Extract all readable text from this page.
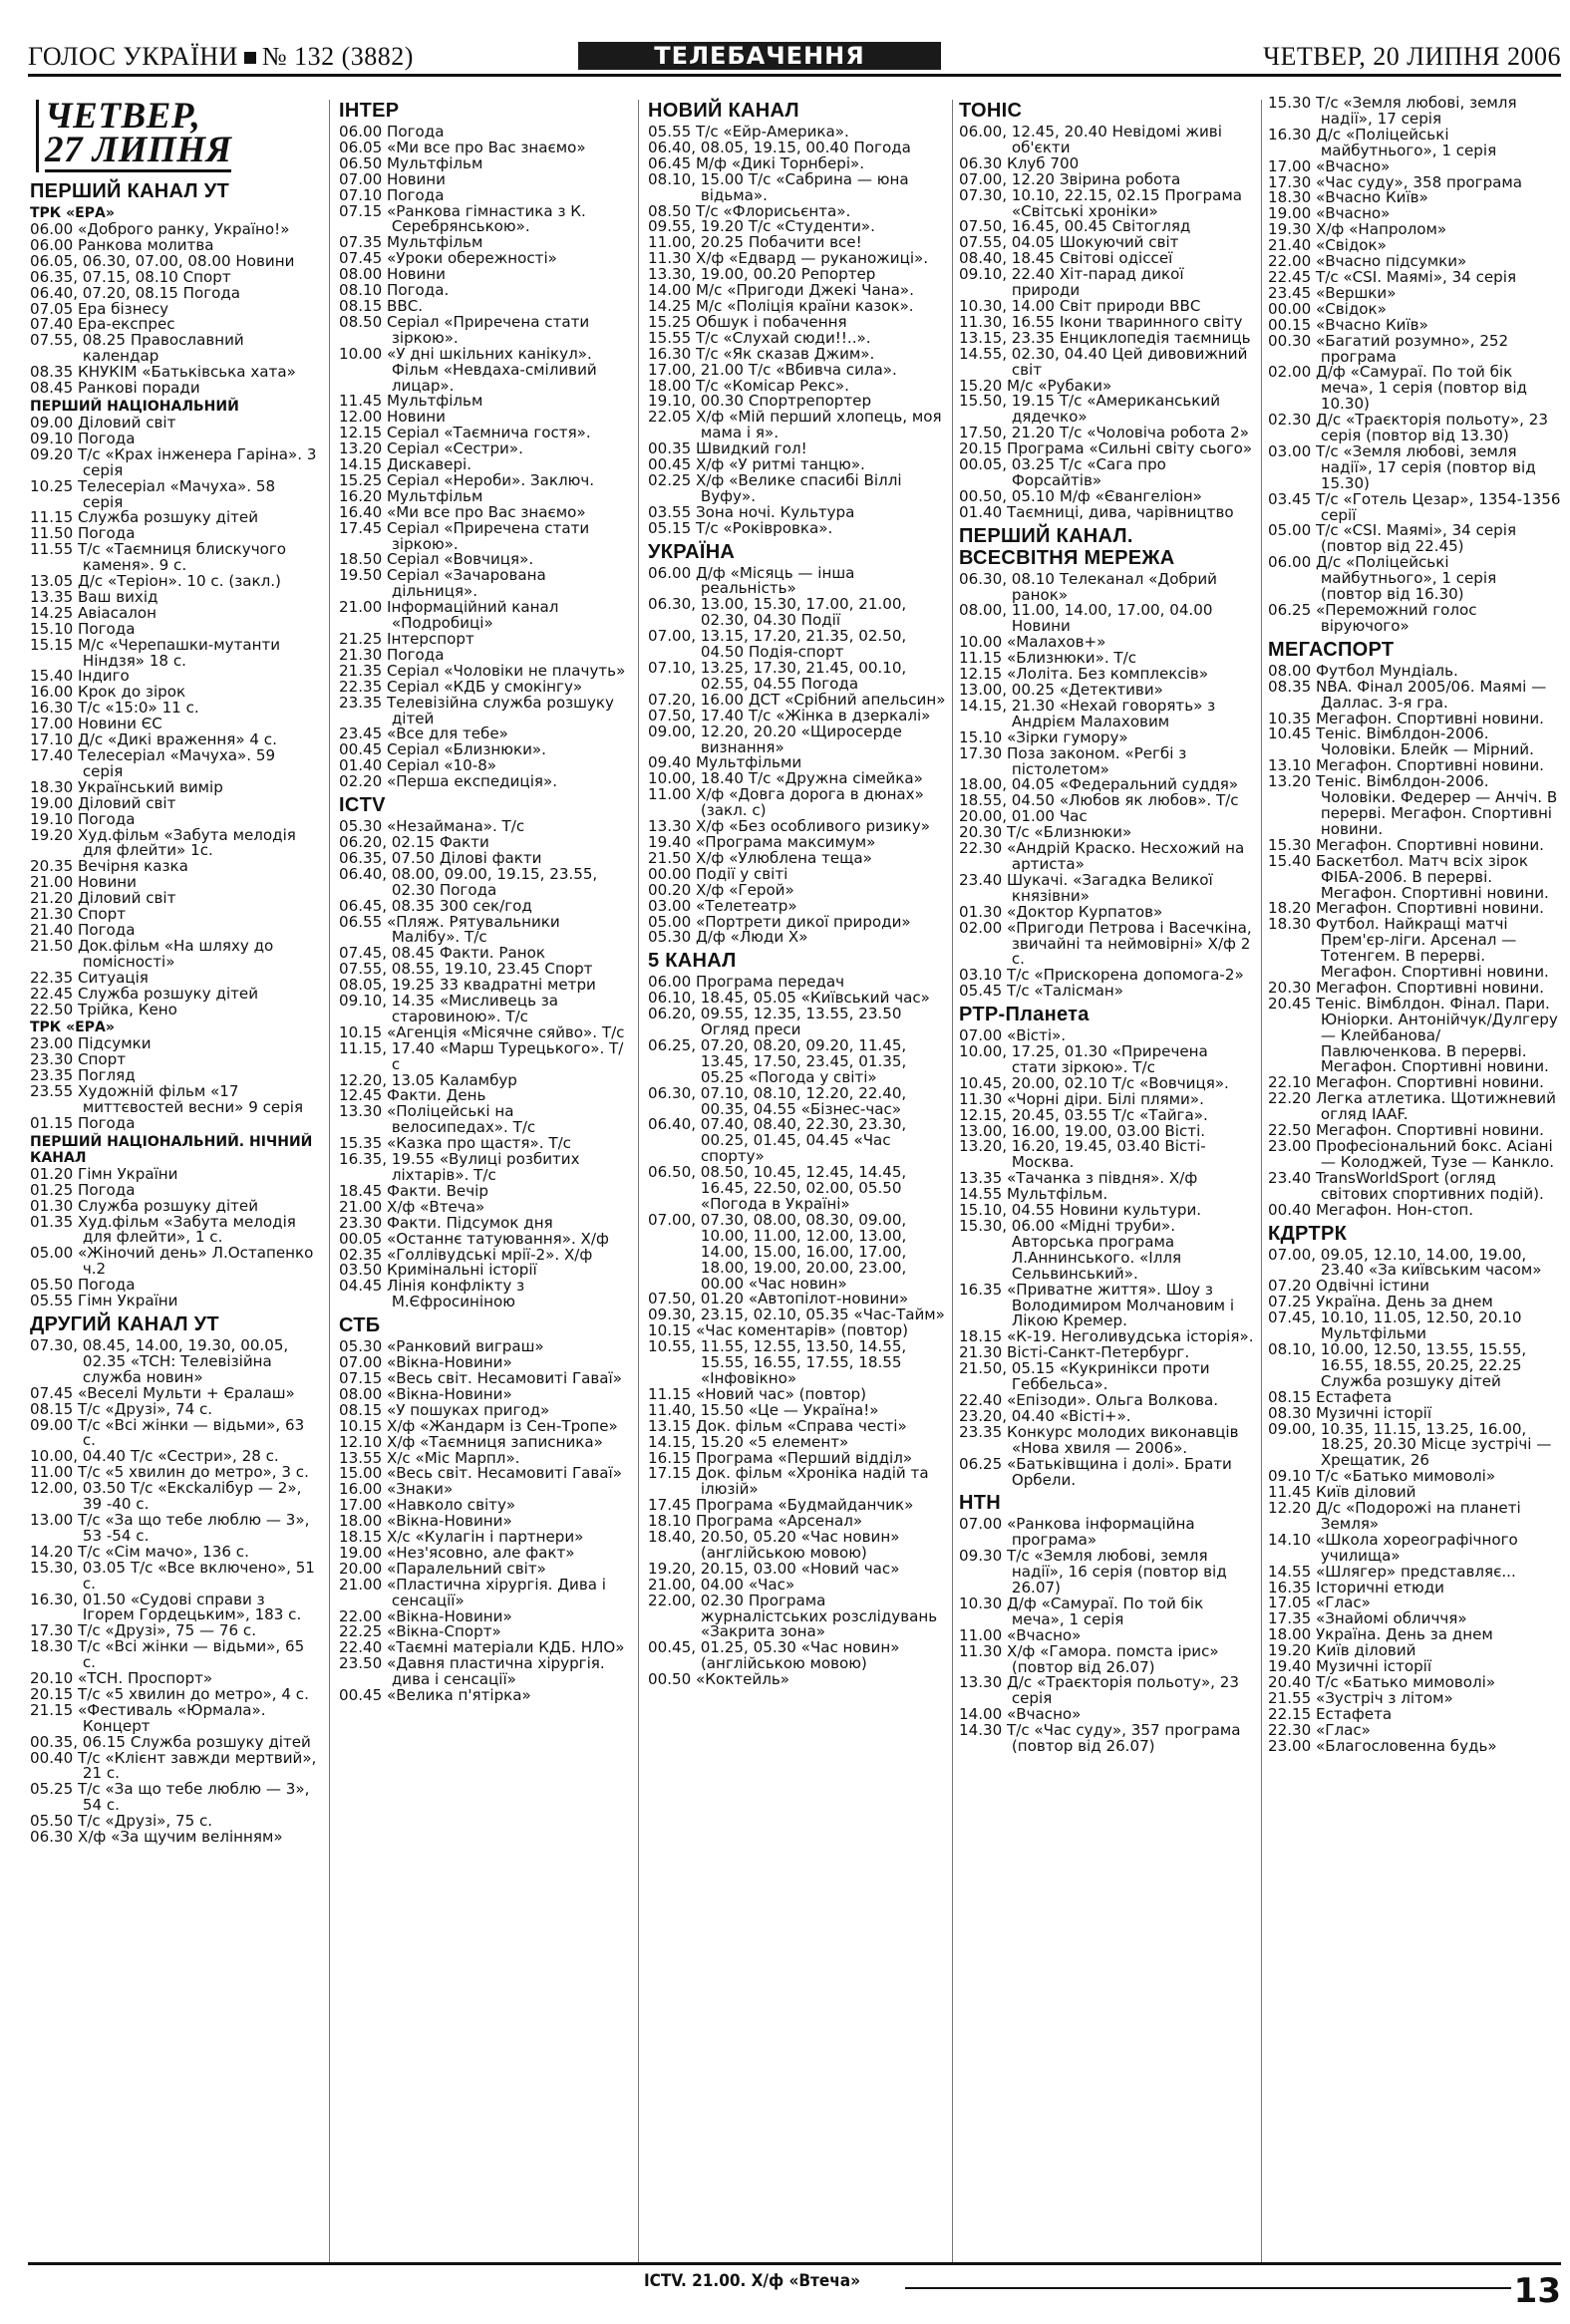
ГОЛОС УКРАЇНИ № 132 (3882)	ТЕЛЕБАЧЕННЯ	ЧЕТВЕР, 20 ЛИПНЯ 2006
ЧЕТВЕР,
27 ЛИПНЯ
ПЕРШИЙ КАНАЛ УТ
ТРК «ЕРА»
06.00 «Доброго ранку, Україно!»
06.00 Ранкова молитва
06.05, 06.30, 07.00, 08.00 Новини
06.35, 07.15, 08.10 Спорт
06.40, 07.20, 08.15 Погода
07.05 Ера бізнесу
07.40 Ера-експрес
07.55, 08.25 Православний календар
08.35 КНУКІМ «Батьківська хата»
08.45 Ранкові поради
ПЕРШИЙ НАЦІОНАЛЬНИЙ
09.00 Діловий світ
09.10 Погода
09.20 Т/с «Крах інженера Гаріна». 3 серія
10.25 Телесеріал «Мачуха». 58 серія
11.15 Служба розшуку дітей
11.50 Погода
11.55 Т/с «Таємниця блискучого каменя». 9 с.
13.05 Д/с «Теріон». 10 с. (закл.)
13.35 Ваш вихід
14.25 Авіасалон
15.10 Погода
15.15 М/с «Черепашки-мутанти Ніндзя» 18 с.
15.40 Індиго
16.00 Крок до зірок
16.30 Т/с «15:0» 11 с.
17.00 Новини ЄС
17.10 Д/с «Дикі враження» 4 с.
17.40 Телесеріал «Мачуха». 59 серія
18.30 Український вимір
19.00 Діловий світ
19.10 Погода
19.20 Худ.фільм «Забута мелодія для флейти» 1с.
20.35 Вечірня казка
21.00 Новини
21.20 Діловий світ
21.30 Спорт
21.40 Погода
21.50 Док.фільм «На шляху до помісності»
22.35 Ситуація
22.45 Служба розшуку дітей
22.50 Трійка, Кено
ТРК «ЕРА»
23.00 Підсумки
23.30 Спорт
23.35 Погляд
23.55 Художній фільм «17 миттєвостей весни» 9 серія
01.15 Погода
ПЕРШИЙ НАЦІОНАЛЬНИЙ. НІЧНИЙ КАНАЛ
01.20 Гімн України
01.25 Погода
01.30 Служба розшуку дітей
01.35 Худ.фільм «Забута мелодія для флейти», 1 с.
05.00 «Жіночий день» Л.Остапенко ч.2
05.50 Погода
05.55 Гімн України
ДРУГИЙ КАНАЛ УТ
07.30, 08.45, 14.00, 19.30, 00.05, 02.35 «ТСН: Телевізійна служба новин»
07.45 «Веселі Мульти + Єралаш»
08.15 Т/с «Друзі», 74 с.
09.00 Т/с «Всі жінки — відьми», 63 с.
10.00, 04.40 Т/с «Сестри», 28 с.
11.00 Т/с «5 хвилин до метро», 3 с.
12.00, 03.50 Т/с «Ексkалібур — 2», 39 -40 с.
13.00 Т/с «За що тебе люблю — 3», 53 -54 с.
14.20 Т/с «Сім мачо», 136 с.
15.30, 03.05 Т/с «Все включено», 51 с.
16.30, 01.50 «Судові справи з Ігорем Гордецьким», 183 с.
17.30 Т/с «Друзі», 75 — 76 с.
18.30 Т/с «Всі жінки — відьми», 65 с.
20.10 «ТСН. Проспорт»
20.15 Т/с «5 хвилин до метро», 4 с.
21.15 «Фестиваль «Юрмала». Концерт
00.35, 06.15 Служба розшуку дітей
00.40 Т/с «Клієнт завжди мертвий», 21 с.
05.25 Т/с «За що тебе люблю — 3», 54 с.
05.50 Т/с «Друзі», 75 с.
06.30 Х/ф «За щучим велінням»
ІНТЕР
06.00 Погода
06.05 «Ми все про Вас знаємо»
06.50 Мультфільм
07.00 Новини
07.10 Погода
07.15 «Ранкова гімнастика з К. Серебрянською».
07.35 Мультфільм
07.45 «Уроки обережності»
08.00 Новини
08.10 Погода.
08.15 ВВС.
08.50 Серіал «Приречена стати зіркою».
10.00 «У дні шкільних канікул». Фільм «Невдаха-сміливий лицар».
11.45 Мультфільм
12.00 Новини
12.15 Серіал «Таємнича гостя».
13.20 Серіал «Сестри».
14.15 Дискавері.
15.25 Серіал «Нероби». Заключ.
16.20 Мультфільм
16.40 «Ми все про Вас знаємо»
17.45 Серіал «Приречена стати зіркою».
18.50 Серіал «Вовчиця».
19.50 Серіал «Зачарована дільниця».
21.00 Інформаційний канал «Подробиці»
21.25 Інтерспорт
21.30 Погода
21.35 Серіал «Чоловіки не плачуть»
22.35 Серіал «КДБ у смокінгу»
23.35 Телевізійна служба розшуку дітей
23.45 «Все для тебе»
00.45 Серіал «Близнюки».
01.40 Серіал «10-8»
02.20 «Перша експедиція».
ICTV
05.30 «Незаймана». Т/с
06.20, 02.15 Факти
06.35, 07.50 Ділові факти
06.40, 08.00, 09.00, 19.15, 23.55, 02.30 Погода
06.45, 08.35 300 сек/год
06.55 «Пляж. Рятувальники Малібу». Т/с
07.45, 08.45 Факти. Ранок
07.55, 08.55, 19.10, 23.45 Спорт
08.05, 19.25 33 квадратні метри
09.10, 14.35 «Мисливець за старовиною». Т/с
10.15 «Агенція «Місячне сяйво». Т/с
11.15, 17.40 «Марш Турецького». Т/с
12.20, 13.05 Каламбур
12.45 Факти. День
13.30 «Поліцейські на велосипедах». Т/с
15.35 «Казка про щастя». Т/с
16.35, 19.55 «Вулиці розбитих ліхтарів». Т/с
18.45 Факти. Вечір
21.00 Х/ф «Втеча»
23.30 Факти. Підсумок дня
00.05 «Останнє татуювання». Х/ф
02.35 «Голлівудські мрії-2». Х/ф
03.50 Кримінальні історії
04.45 Лінія конфлікту з М.Єфросиніною
СТБ
05.30 «Ранковий виграш»
07.00 «Вікна-Новини»
07.15 «Весь світ. Несамовиті Гаваї»
08.00 «Вікна-Новини»
08.15 «У пошуках пригод»
10.15 Х/ф «Жандарм із Сен-Тропе»
12.10 Х/ф «Таємниця записника»
13.55 Х/с «Міс Марпл».
15.00 «Весь світ. Несамовиті Гаваї»
16.00 «Знаки»
17.00 «Навколо світу»
18.00 «Вікна-Новини»
18.15 Х/с «Кулагін і партнери»
19.00 «Нез'ясовно, але факт»
20.00 «Паралельний світ»
21.00 «Пластична хірургія. Дива і сенсації»
22.00 «Вікна-Новини»
22.25 «Вікна-Спорт»
22.40 «Таємні матеріали КДБ. НЛО»
23.50 «Давня пластична хірургія. дива і сенсації»
00.45 «Велика п'ятірка»
НОВИЙ КАНАЛ
05.55 Т/с «Ейр-Америка».
06.40, 08.05, 19.15, 00.40 Погода
06.45 М/ф «Дикі Торнбері».
08.10, 15.00 Т/с «Сабрина — юна відьма».
08.50 Т/с «Флорисьєнта».
09.55, 19.20 Т/с «Студенти».
11.00, 20.25 Побачити все!
11.30 Х/ф «Едвард — руканожиці».
13.30, 19.00, 00.20 Репортер
14.00 М/с «Пригоди Джекі Чана».
14.25 М/с «Поліція країни казок».
15.25 Обшук і побачення
15.55 Т/с «Слухай сюди!!..».
16.30 Т/с «Як сказав Джим».
17.00, 21.00 Т/с «Вбивча сила».
18.00 Т/с «Комісар Рекс».
19.10, 00.30 Спортрепортер
22.05 Х/ф «Мій перший хлопець, моя мама і я».
00.35 Швидкий гол!
00.45 Х/ф «У ритмі танцю».
02.25 Х/ф «Велике спасибі Віллі Вуфу».
03.55 Зона ночі. Культура
05.15 Т/с «Роківровка».
УКРАЇНА
06.00 Д/ф «Місяць — інша реальність»
06.30, 13.00, 15.30, 17.00, 21.00, 02.30, 04.30 Події
07.00, 13.15, 17.20, 21.35, 02.50, 04.50 Подія-спорт
07.10, 13.25, 17.30, 21.45, 00.10, 02.55, 04.55 Погода
07.20, 16.00 ДСТ «Срібний апельсин»
07.50, 17.40 Т/с «Жінка в дзеркалі»
09.00, 12.20, 20.20 «Щиросерде визнання»
09.40 Мультфільми
10.00, 18.40 Т/с «Дружна сімейка»
11.00 Х/ф «Довга дорога в дюнах» (закл. с)
13.30 Х/ф «Без особливого ризику»
19.40 «Програма максимум»
21.50 Х/ф «Улюблена теща»
00.00 Події у світі
00.20 Х/ф «Герой»
03.00 «Телетеатр»
05.00 «Портрети дикої природи»
05.30 Д/ф «Люди Х»
5 КАНАЛ
06.00 Програма передач
06.10, 18.45, 05.05 «Київський час»
06.20, 09.55, 12.35, 13.55, 23.50 Огляд преси
06.25, 07.20, 08.20, 09.20, 11.45, 13.45, 17.50, 23.45, 01.35, 05.25 «Погода у світі»
06.30, 07.10, 08.10, 12.20, 22.40, 00.35, 04.55 «Бізнес-час»
06.40, 07.40, 08.40, 22.30, 23.30, 00.25, 01.45, 04.45 «Час спорту»
06.50, 08.50, 10.45, 12.45, 14.45, 16.45, 22.50, 02.00, 05.50 «Погода в Україні»
07.00, 07.30, 08.00, 08.30, 09.00, 10.00, 11.00, 12.00, 13.00, 14.00, 15.00, 16.00, 17.00, 18.00, 19.00, 20.00, 23.00, 00.00 «Час новин»
07.50, 01.20 «Автопілот-новини»
09.30, 23.15, 02.10, 05.35 «Час-Тайм»
10.15 «Час коментарів» (повтор)
10.55, 11.55, 12.55, 13.50, 14.55, 15.55, 16.55, 17.55, 18.55 «Інфовікно»
11.15 «Новий час» (повтор)
11.40, 15.50 «Це — Україна!»
13.15 Док. фільм «Справа честі»
14.15, 15.20 «5 елемент»
16.15 Програма «Перший відділ»
17.15 Док. фільм «Хроніка надій та ілюзій»
17.45 Програма «Будмайданчик»
18.10 Програма «Арсенал»
18.40, 20.50, 05.20 «Час новин» (англійською мовою)
19.20, 20.15, 03.00 «Новий час»
21.00, 04.00 «Час»
22.00, 02.30 Програма журналістських розслідувань «Закрита зона»
00.45, 01.25, 05.30 «Час новин» (англійською мовою)
00.50 «Коктейль»
ТОНІС
06.00, 12.45, 20.40 Невідомі живі об'єкти
06.30 Клуб 700
07.00, 12.20 Звірина робота
07.30, 10.10, 22.15, 02.15 Програма «Світські хроніки»
07.50, 16.45, 00.45 Світогляд
07.55, 04.05 Шокуючий світ
08.40, 18.45 Світові одіссеї
09.10, 22.40 Хіт-парад дикої природи
10.30, 14.00 Світ природи ВВС
11.30, 16.55 Ікони тваринного світу
13.15, 23.35 Енциклопедія таємниць
14.55, 02.30, 04.40 Цей дивовижний світ
15.20 М/с «Рубаки»
15.50, 19.15 Т/с «Американський дядечко»
17.50, 21.20 Т/с «Чоловіча робота 2»
20.15 Програма «Сильні світу сього»
00.05, 03.25 Т/с «Сага про Форсайтів»
00.50, 05.10 М/ф «Євангеліон»
01.40 Таємниці, дива, чарівництво
ПЕРШИЙ КАНАЛ. ВСЕСВІТНЯ МЕРЕЖА
06.30, 08.10 Телеканал «Добрий ранок»
08.00, 11.00, 14.00, 17.00, 04.00 Новини
10.00 «Малахов+»
11.15 «Близнюки». Т/с
12.15 «Лоліта. Без комплексів»
13.00, 00.25 «Детективи»
14.15, 21.30 «Нехай говорять» з Андрієм Малаховим
15.10 «Зірки гумору»
17.30 Поза законом. «Регбі з пістолетом»
18.00, 04.05 «Федеральний суддя»
18.55, 04.50 «Любов як любов». Т/с
20.00, 01.00 Час
20.30 Т/с «Близнюки»
22.30 «Андрій Краско. Несхожий на артиста»
23.40 Шукачі. «Загадка Великої князівни»
01.30 «Доктор Курпатов»
02.00 «Пригоди Петрова і Васечкіна, звичайні та неймовірні» Х/ф 2 с.
03.10 Т/с «Прискорена допомога-2»
05.45 Т/с «Талісман»
РТР-Планета
07.00 «Вісті».
10.00, 17.25, 01.30 «Приречена стати зіркою». Т/с
10.45, 20.00, 02.10 Т/с «Вовчиця».
11.30 «Чорні діри. Білі плями».
12.15, 20.45, 03.55 Т/с «Тайга».
13.00, 16.00, 19.00, 03.00 Вісті.
13.20, 16.20, 19.45, 03.40 Вісті-Москва.
13.35 «Тачанка з півдня». Х/ф
14.55 Мультфільм.
15.10, 04.55 Новини культури.
15.30, 06.00 «Мідні труби». Авторська програма Л.Аннинського. «Ілля Сельвинський».
16.35 «Приватне життя». Шоу з Володимиром Молчановим і Лікою Кремер.
18.15 «К-19. Неголивудська історія».
21.30 Вісті-Санкт-Петербург.
21.50, 05.15 «Кукринікси проти Геббельса».
22.40 «Епізоди». Ольга Волкова.
23.20, 04.40 «Вісті+».
23.35 Конкурс молодих виконавців «Нова хвиля — 2006».
06.25 «Батьківщина і долі». Брати Орбели.
НТН
07.00 «Ранкова інформаційна програма»
09.30 Т/с «Земля любові, земля надії», 16 серія (повтор від 26.07)
10.30 Д/ф «Самураї. По той бік меча», 1 серія
11.00 «Вчасно»
11.30 Х/ф «Гамора. помста ірис» (повтор від 26.07)
13.30 Д/с «Траєкторія польоту», 23 серія
14.00 «Вчасно»
14.30 Т/с «Час суду», 357 програма (повтор від 26.07)
15.30 Т/с «Земля любові, земля надії», 17 серія
16.30 Д/с «Поліцейські майбутнього», 1 серія
17.00 «Вчасно»
17.30 «Час суду», 358 програма
18.30 «Вчасно Київ»
19.00 «Вчасно»
19.30 Х/ф «Напролом»
21.40 «Свідок»
22.00 «Вчасно підсумки»
22.45 Т/с «CSI. Маямі», 34 серія
23.45 «Вершки»
00.00 «Свідок»
00.15 «Вчасно Київ»
00.30 «Багатий розумно», 252 програма
02.00 Д/ф «Самураї. По той бік меча», 1 серія (повтор від 10.30)
02.30 Д/с «Траєкторія польоту», 23 серія (повтор від 13.30)
03.00 Т/с «Земля любові, земля надії», 17 серія (повтор від 15.30)
03.45 Т/с «Готель Цезар», 1354-1356 серії
05.00 Т/с «CSI. Маямі», 34 серія (повтор від 22.45)
06.00 Д/с «Поліцейські майбутнього», 1 серія (повтор від 16.30)
06.25 «Переможний голос віруючого»
МЕГАСПОРТ
08.00 Футбол Мундіаль.
08.35 NBA. Фінал 2005/06. Маямі — Даллас. 3-я гра.
10.35 Мегафон. Спортивні новини.
10.45 Теніс. Вімблдон-2006. Чоловіки. Блейк — Мірний.
13.10 Мегафон. Спортивні новини.
13.20 Теніс. Вімблдон-2006. Чоловіки. Федерер — Анчіч. В перерві. Мегафон. Спортивні новини.
15.30 Мегафон. Спортивні новини.
15.40 Баскетбол. Матч всіх зірок ФІБА-2006. В перерві. Мегафон. Спортивні новини.
18.20 Мегафон. Спортивні новини.
18.30 Футбол. Найкращі матчі Прем'єр-ліги. Арсенал — Тотенгем. В перерві. Мегафон. Спортивні новини.
20.30 Мегафон. Спортивні новини.
20.45 Теніс. Вімблдон. Фінал. Пари. Юніорки. Антонійчук/Дулгеру — Клейбанова/Павлюченкова. В перерві. Мегафон. Спортивні новини.
22.10 Мегафон. Спортивні новини.
22.20 Легка атлетика. Щотижневий огляд IAAF.
22.50 Мегафон. Спортивні новини.
23.00 Професіональний бокс. Асіані — Колоджей, Тузе — Канкло.
23.40 TransWorldSport (огляд світових спортивних подій).
00.40 Мегафон. Нон-стоп.
КДРТРК
07.00, 09.05, 12.10, 14.00, 19.00, 23.40 «За київським часом»
07.20 Одвічні істини
07.25 Україна. День за днем
07.45, 10.10, 11.05, 12.50, 20.10 Мультфільми
08.10, 10.00, 12.50, 13.55, 15.55, 16.55, 18.55, 20.25, 22.25 Служба розшуку дітей
08.15 Естафета
08.30 Музичні історії
09.00, 10.35, 11.15, 13.25, 16.00, 18.25, 20.30 Місце зустрічі —Хрещатик, 26
09.10 Т/с «Батько мимоволі»
11.45 Київ діловий
12.20 Д/с «Подорожі на планеті Земля»
14.10 «Школа хореографічного училища»
14.55 «Шлягер» представляє...
16.35 Історичні етюди
17.05 «Глас»
17.35 «Знайомі обличчя»
18.00 Україна. День за днем
19.20 Київ діловий
19.40 Музичні історії
20.40 Т/с «Батько мимоволі»
21.55 «Зустріч з літом»
22.15 Естафета
22.30 «Глас»
23.00 «Благословенна будь»
ICTV. 21.00. Х/ф «Втеча»	13
